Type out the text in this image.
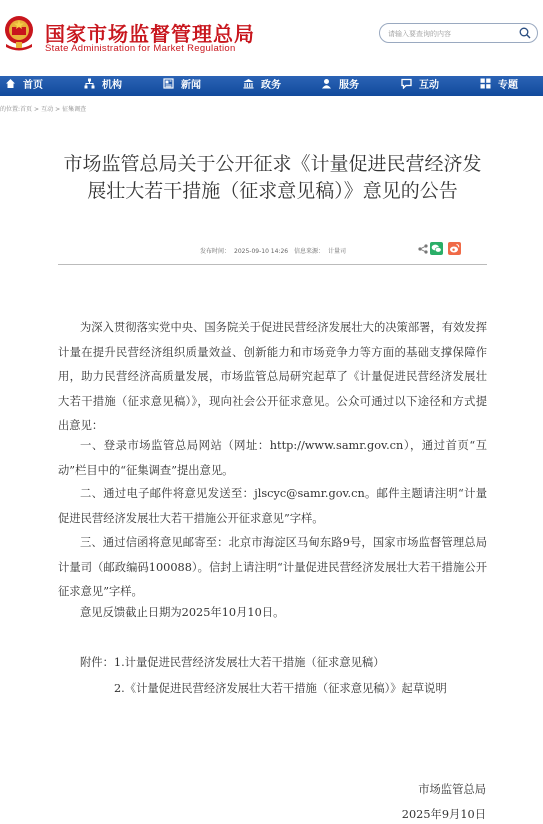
国家市场监督管理总局
State Administration for Market Regulation
请输入要查询的内容
首页	机构	新闻	政务	服务	互动	专题
的位置:首页 > 互动 > 征集调查
市场监管总局关于公开征求《计量促进民营经济发展壮大若干措施（征求意见稿）》意见的公告
发布时间： 2025-09-10 14:26 信息来源： 计量司

为深入贯彻落实党中央、国务院关于促进民营经济发展壮大的决策部署，有效发挥计量在提升民营经济组织质量效益、创新能力和市场竞争力等方面的基础支撑保障作用，助力民营经济高质量发展，市场监管总局研究起草了《计量促进民营经济发展壮大若干措施（征求意见稿）》，现向社会公开征求意见。公众可通过以下途径和方式提出意见：

一、登录市场监管总局网站（网址：http://www.samr.gov.cn），通过首页“互动”栏目中的“征集调查”提出意见。

二、通过电子邮件将意见发送至：jlscyc@samr.gov.cn。邮件主题请注明“计量促进民营经济发展壮大若干措施公开征求意见”字样。

三、通过信函将意见邮寄至：北京市海淀区马甸东路9号，国家市场监督管理总局计量司（邮政编码100088）。信封上请注明“计量促进民营经济发展壮大若干措施公开征求意见”字样。

意见反馈截止日期为2025年10月10日。

附件：1.计量促进民营经济发展壮大若干措施（征求意见稿）
2.《计量促进民营经济发展壮大若干措施（征求意见稿）》起草说明
市场监管总局
2025年9月10日
